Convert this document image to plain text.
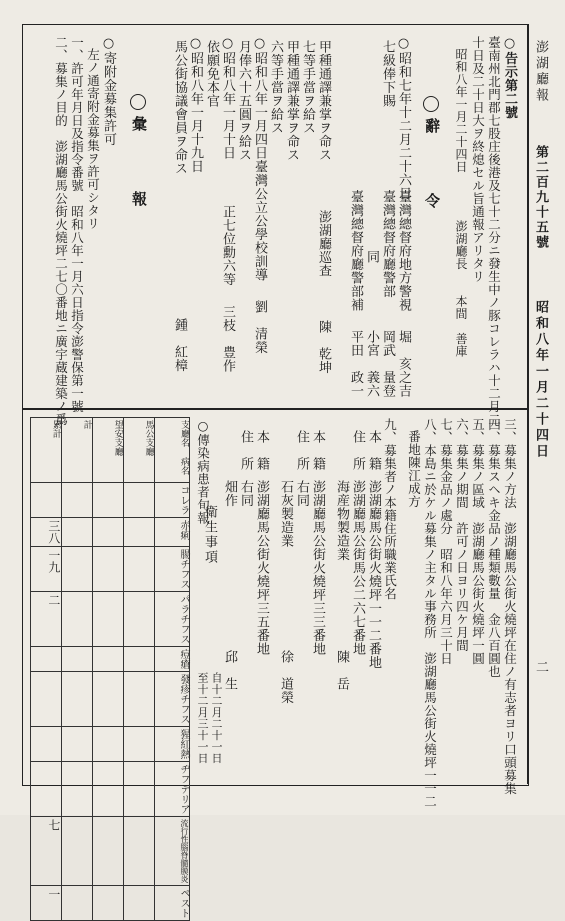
澎湖廳報
第二百九十五號
昭和八年一月二十四日
二
○告示第二號
臺南州北門郡七股庄後港及七十二分ニ發生中ノ豚コレラハ十二月二
十日及二十日大ヲ終熄セル旨通報アリタリ
昭和八年一月二十四日
澎湖廳長
本間　善庫
辭　　令
○昭和七年十二月二十六日
七級俸下賜
臺灣總督府地方警視
堀　亥之吉
臺灣總督府廳警部
岡武　量登
同
小宮　義六
臺灣總督府廳警部補
平田　政一
甲種通譯兼掌ヲ命ス
澎湖廳巡查
陳　乾坤
七等手當ヲ給ス
甲種通譯兼掌ヲ命ス
六等手當ヲ給ス
○昭和八年一月四日
臺灣公立公學校訓導
劉　清榮
月俸六十五圓ヲ給ス
○昭和八年一月十日
正七位勳六等
三枝　豊作
依願免本官
○昭和八年一月十九日
馬公街協議會員ヲ命ス
鍾　紅樟
彙　　報
○寄附金募集許可
左ノ通寄附金募集ヲ許可シタリ
一、許可年月日及指令番號　昭和八年一月六日指令澎警保第一號
二、募集ノ目的　澎湖廳馬公街火燒坪二七〇番地ニ廣宇蔵建築ノ爲
三、募集ノ方法　澎湖廳馬公街火燒坪在住ノ有志者ヨリ口頭募集
四、募集スヘキ金品ノ種類數量　金八百圓也
五、募集ノ區域　澎湖廳馬公街火燒坪一圓
六、募集ノ期間　許可ノ日ヨリ四ケ月間
七、募集金品ノ處分　昭和八年六月三十日
八、本島ニ於ケル募集ノ主タル事務所　澎湖廳馬公街火燒坪一一二
番地陳江成方
九、募集者ノ本籍住所職業氏名
本　籍
澎湖廳馬公街火燒坪一一二番地
住　所
澎湖廳馬公街馬公二六七番地
海産物製造業
陳　岳
本　籍
澎湖廳馬公街火燒坪三三番地
住　所
右同
石灰製造業
徐　道榮
本　籍
澎湖廳馬公街火燒坪三五番地
住　所
右同
畑作
邱　生
衛生事項
○傳染病患者旬報
自十二月二十一日
至十二月三十一日
累計	計	望安支廳	馬公支廳	支廳名 病名
				コレラ
三八				赤痢
一九				腸チフス
二				パラチフス
				痘瘡
				發疹チフス
				猩紅熱
				ヂフテリア
七				流行性腦脊髓膜炎
一				ペスト
